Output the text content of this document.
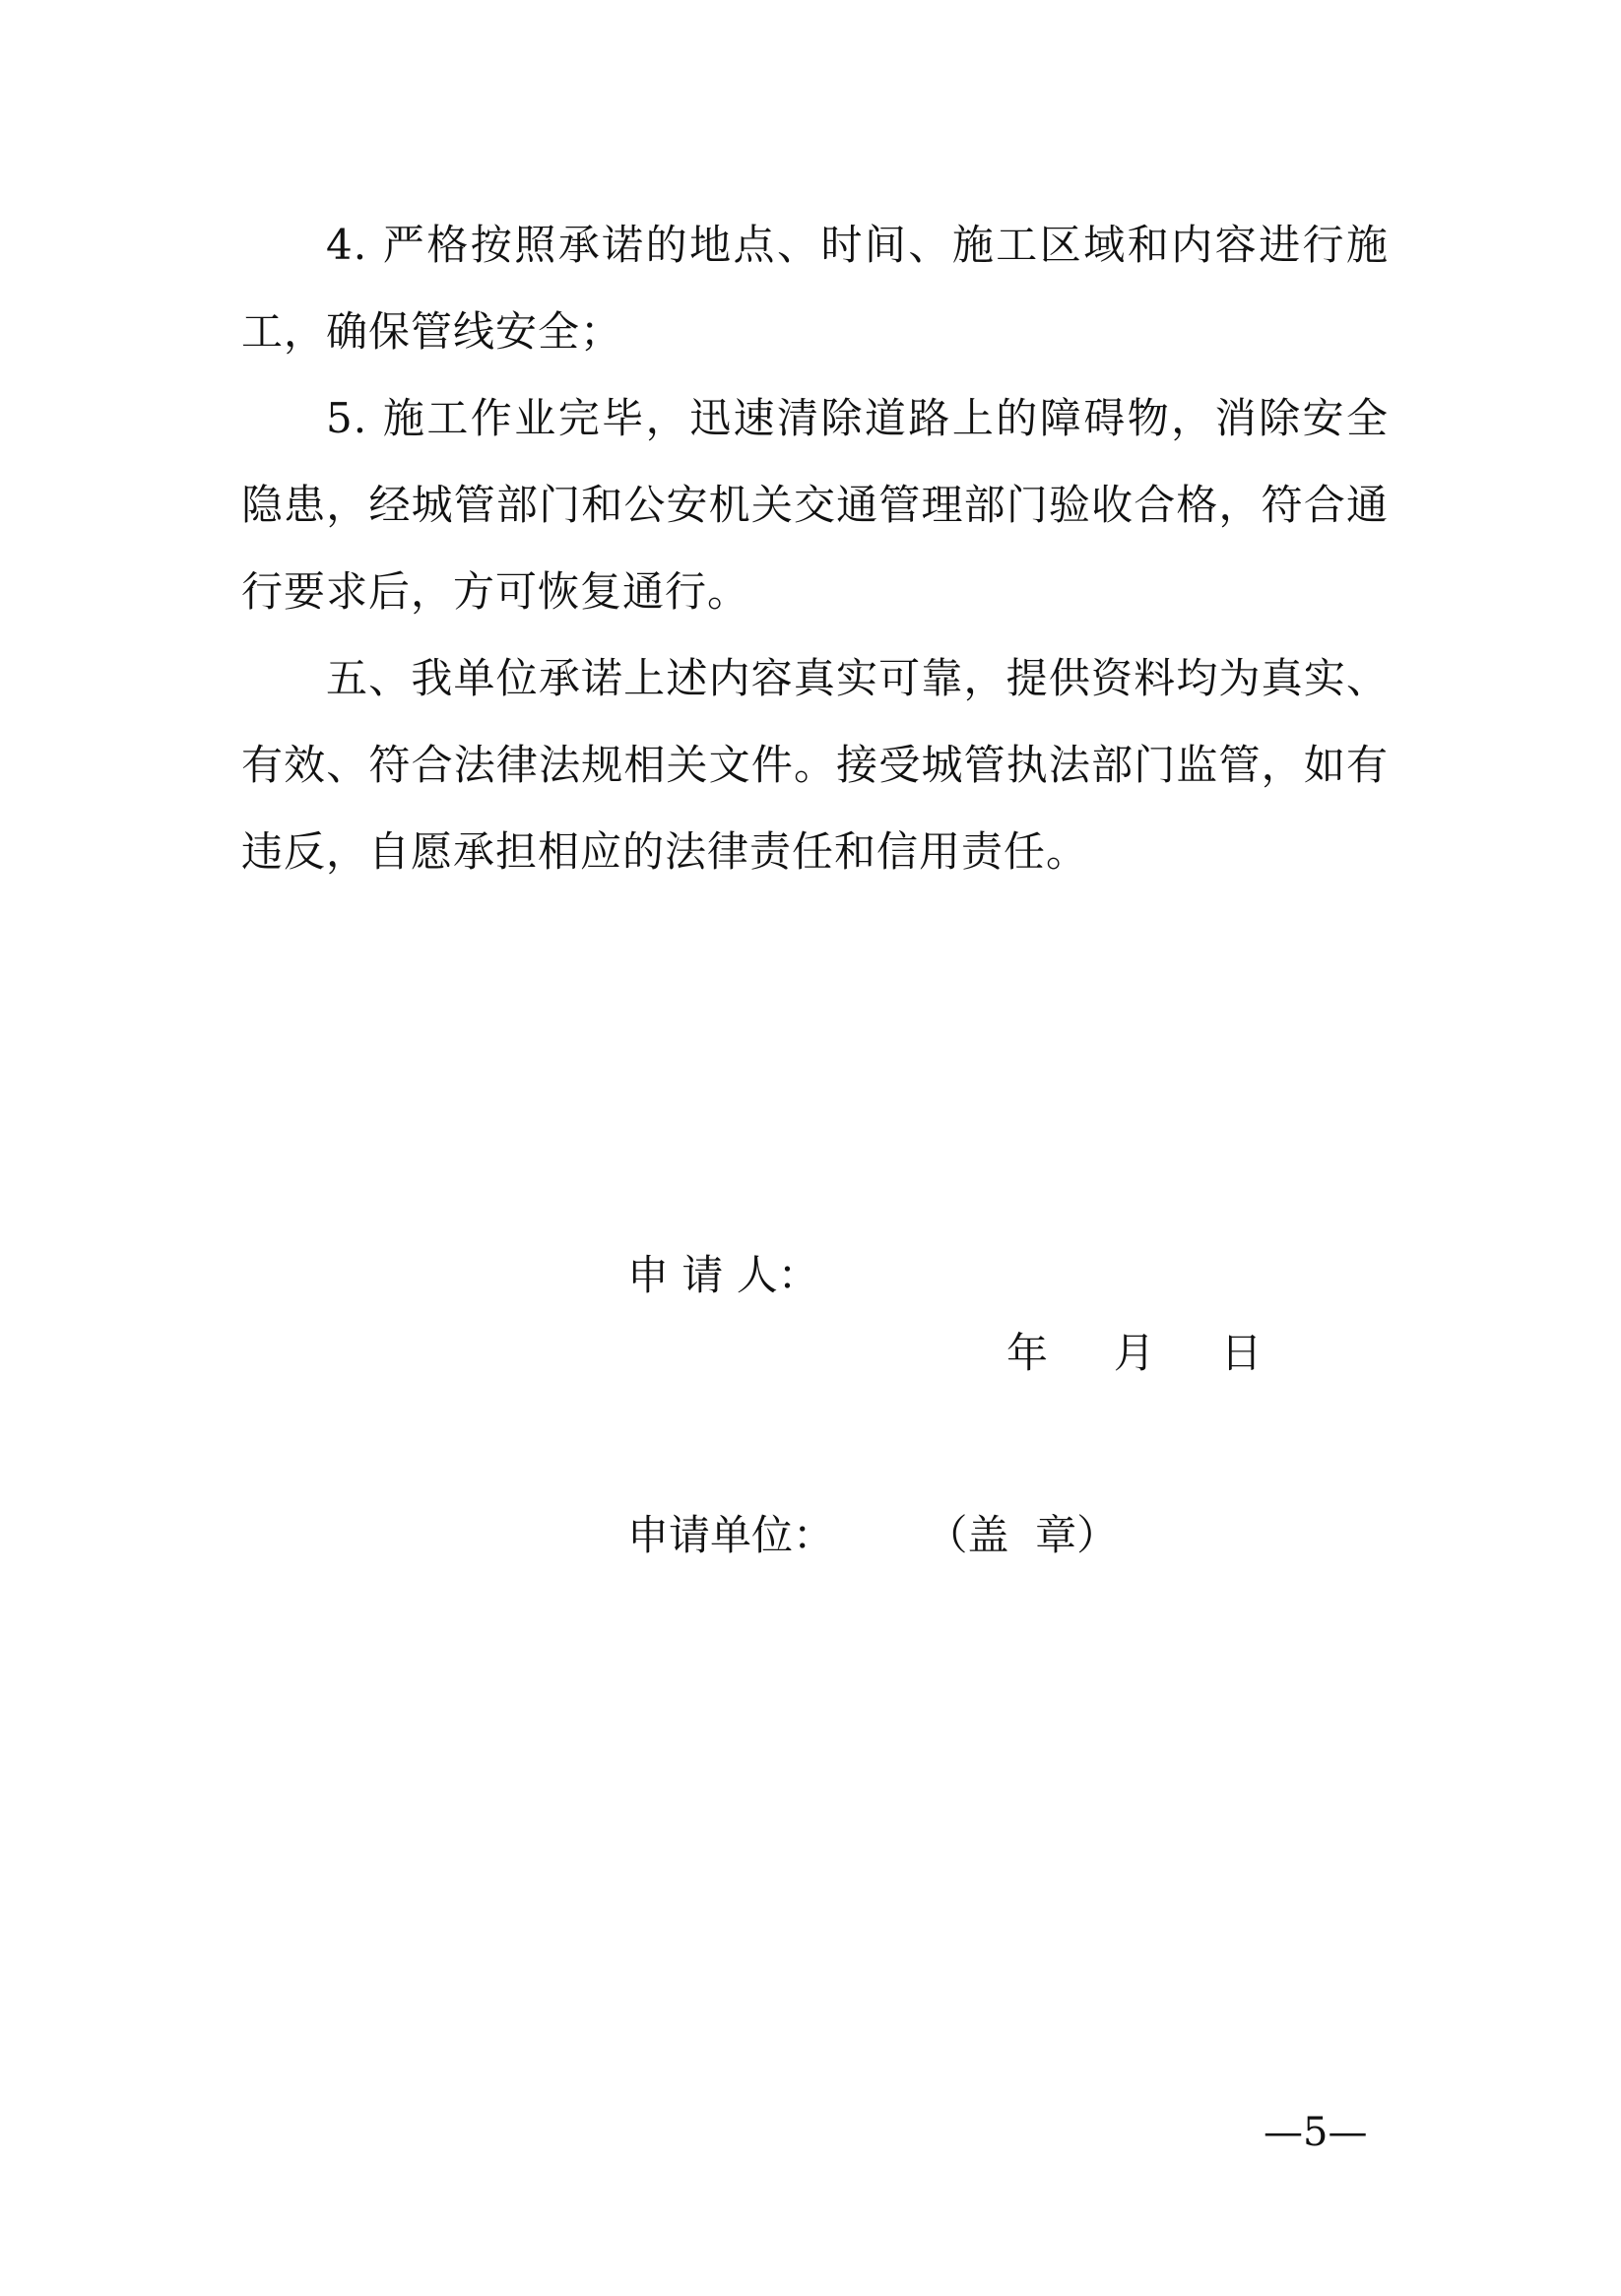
4. 严格按照承诺的地点、时间、施工区域和内容进行施工，确保管线安全；

5. 施工作业完毕，迅速清除道路上的障碍物，消除安全隐患，经城管部门和公安机关交通管理部门验收合格，符合通行要求后，方可恢复通行。

五、我单位承诺上述内容真实可靠，提供资料均为真实、有效、符合法律法规相关文件。接受城管执法部门监管，如有违反，自愿承担相应的法律责任和信用责任。

申 请 人：

申请单位： （盖  章）

年     月     日
—5—
